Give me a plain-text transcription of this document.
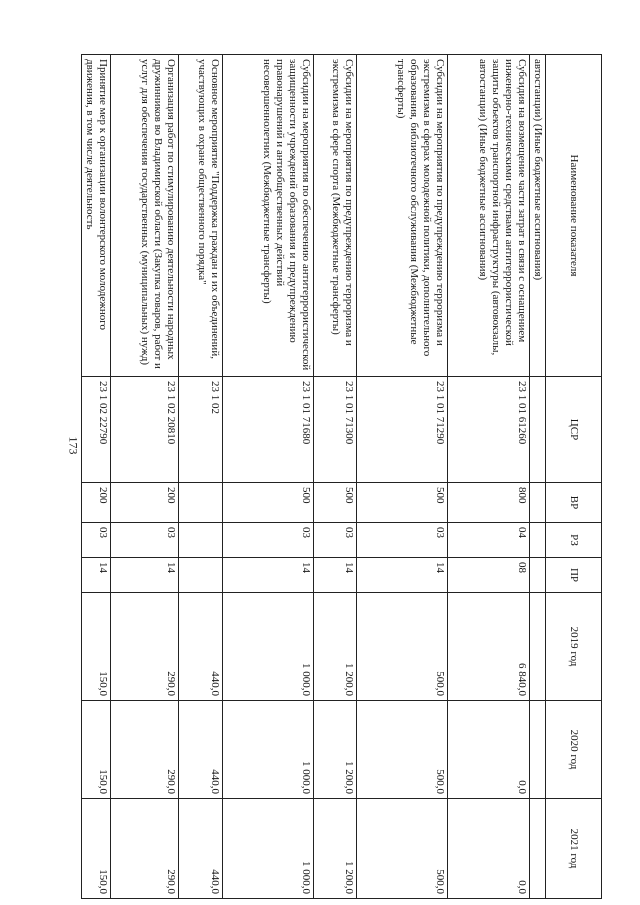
173
Наименование показателя	ЦСР	ВР	РЗ	ПР	2019 год	2020 год	2021 год
автостанции) (Иные бюджетные ассигнования)							
Субсидия на возмещение части затрат в связи с оснащением инженерно-техническими средствами антитеррористической защиты объектов транспортной инфраструктуры (автовокзалы, автостанции) (Иные бюджетные ассигнования)	23 1 01 61260	800	04	08	6 840,0	0,0	0,0
Субсидии на мероприятия по предупреждению терроризма и экстремизма в сферах молодежной политики, дополнительного образования, библиотечного обслуживания (Межбюджетные трансферты)	23 1 01 71290	500	03	14	500,0	500,0	500,0
Субсидии на мероприятия по предупреждению терроризма и экстремизма в сфере спорта (Межбюджетные трансферты)	23 1 01 71300	500	03	14	1 200,0	1 200,0	1 200,0
Субсидии на мероприятия по обеспечению антитеррористической защищенности учреждений образования и предупреждению правонарушений и антиобщественных действий несовершеннолетних (Межбюджетные трансферты)	23 1 01 71680	500	03	14	1 000,0	1 000,0	1 000,0
Основное мероприятие "Поддержка граждан и их объединений, участвующих в охране общественного порядка"	23 1 02				440,0	440,0	440,0
Организация работ по стимулированию деятельности народных дружинников во Владимирской области (Закупка товаров, работ и услуг для обеспечения государственных (муниципальных) нужд)	23 1 02 20810	200	03	14	290,0	290,0	290,0
Принятие мер к организации волонтерского молодежного движения, в том числе деятельность	23 1 02 22790	200	03	14	150,0	150,0	150,0
